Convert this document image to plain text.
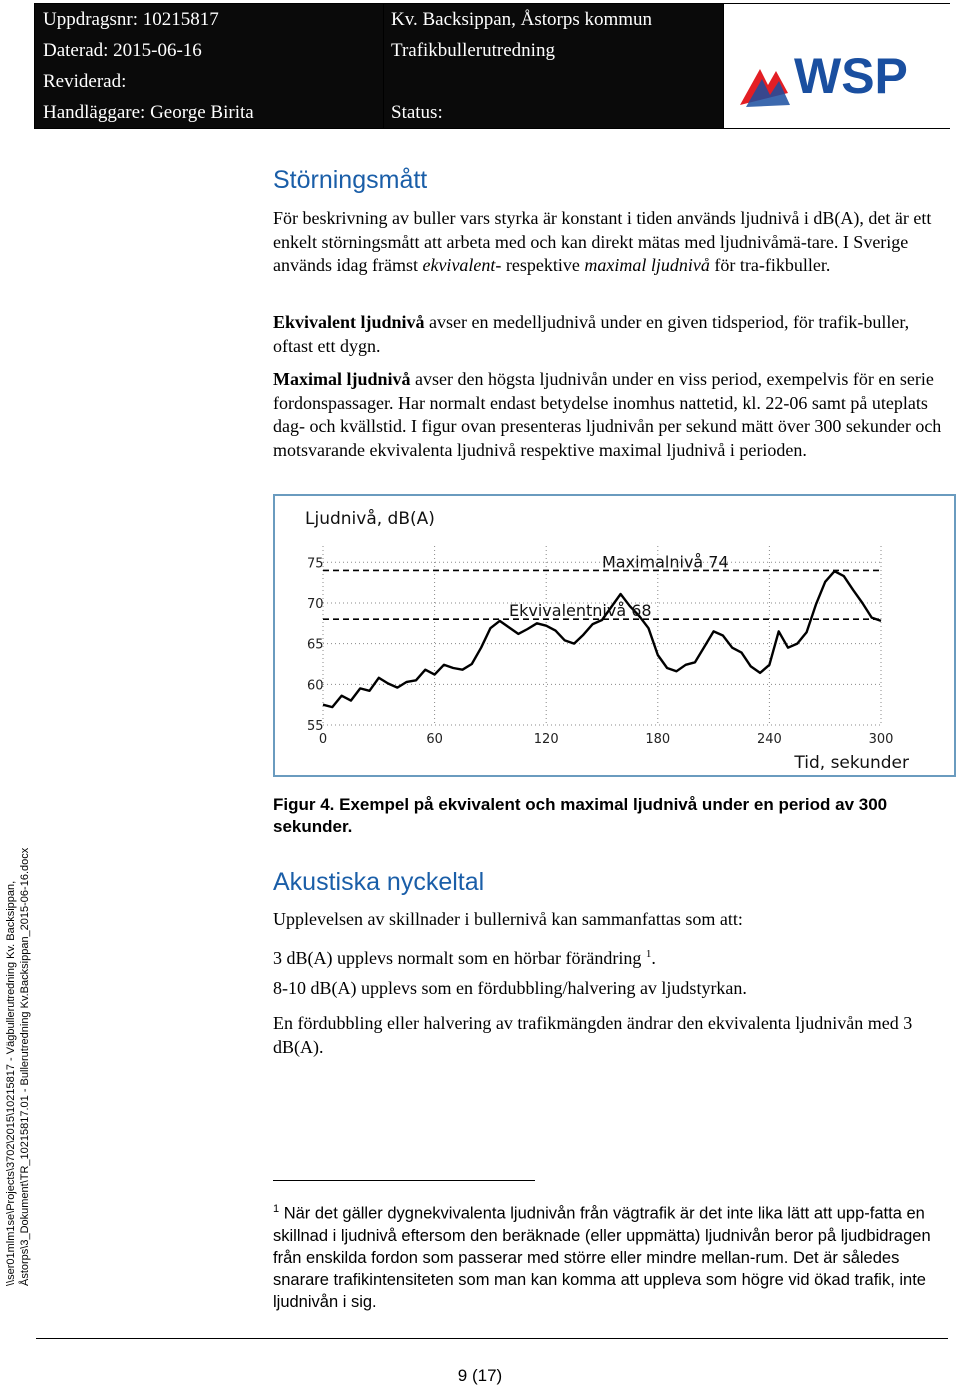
Uppdragsnr: 10215817	Kv. Backsippan, Åstorps kommun
Daterad: 2015-06-16	Trafikbullerutredning
Reviderad:
Handläggare: George Birita	Status:
WSP
\\ser01mlm1se\Projects\3702\2015\10215817 - Vägbullerutredning Kv. Backsippan, Åstorps\3_Dokument\TR_10215817.01 - Bullerutredning Kv.Backsippan_2015-06-16.docx
Störningsmått

För beskrivning av buller vars styrka är konstant i tiden används ljudnivå i dB(A), det är ett enkelt störningsmått att arbeta med och kan direkt mätas med ljudnivåmä-tare. I Sverige används idag främst ekvivalent- respektive maximal ljudnivå för tra-fikbuller.

Ekvivalent ljudnivå avser en medelljudnivå under en given tidsperiod, för trafik-buller, oftast ett dygn.

Maximal ljudnivå avser den högsta ljudnivån under en viss period, exempelvis för en serie fordonspassager. Har normalt endast betydelse inomhus nattetid, kl. 22-06 samt på uteplats dag- och kvällstid. I figur ovan presenteras ljudnivån per sekund mätt över 300 sekunder och motsvarande ekvivalenta ljudnivå respektive maximal ljudnivå i perioden.

55
60
65
70
75
0	60	120	180	240	300
Maximalnivå 74
Ekvivalentnivå 68
Ljudnivå, dB(A)
Tid, sekunder

Figur 4. Exempel på ekvivalent och maximal ljudnivå under en period av 300 sekunder.

Akustiska nyckeltal

Upplevelsen av skillnader i bullernivå kan sammanfattas som att:

3 dB(A) upplevs normalt som en hörbar förändring $^1$.

8-10 dB(A) upplevs som en fördubbling/halvering av ljudstyrkan.

En fördubbling eller halvering av trafikmängden ändrar den ekvivalenta ljudnivån med 3 dB(A).

$^1$ När det gäller dygnekvivalenta ljudnivån från vägtrafik är det inte lika lätt att upp-fatta en skillnad i ljudnivå eftersom den beräknade (eller uppmätta) ljudnivån beror på ljudbidragen från enskilda fordon som passerar med större eller mindre mellan-rum. Det är således snarare trafikintensiteten som man kan komma att uppleva som högre vid ökad trafik, inte ljudnivån i sig.

9 (17)
